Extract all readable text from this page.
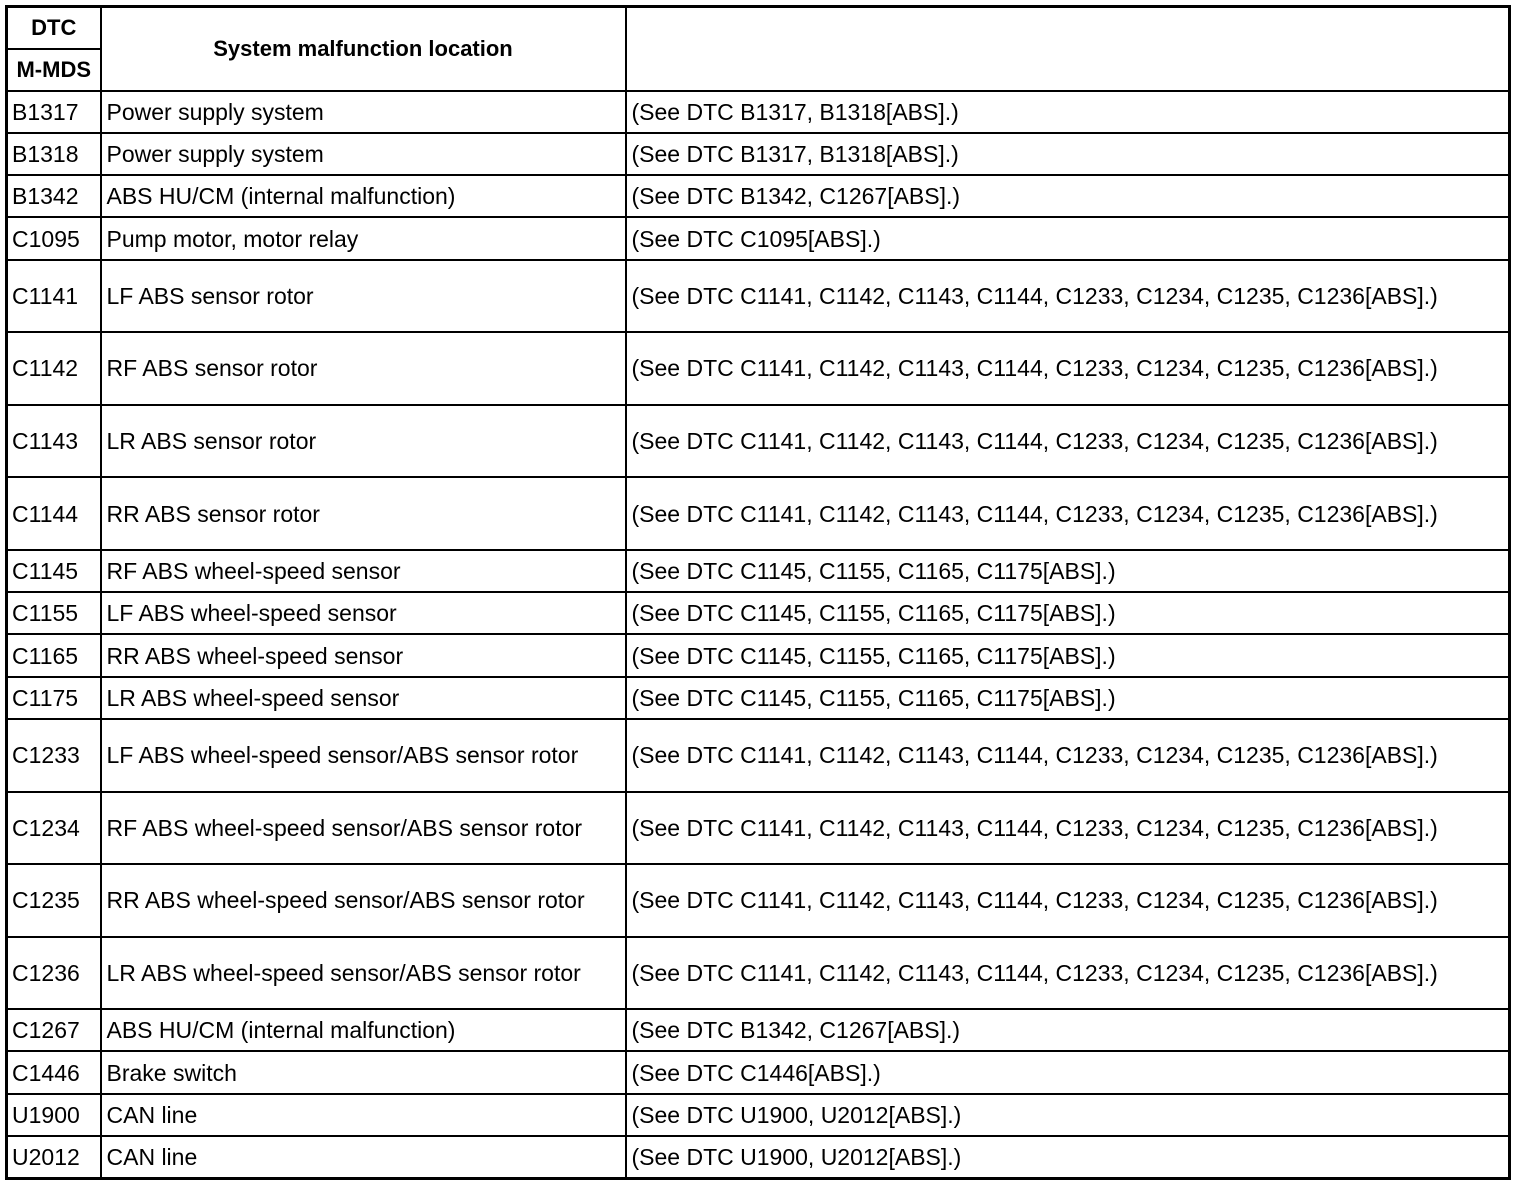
DTC	System malfunction location	
M-MDS		
B1317	Power supply system	(See DTC B1317, B1318[ABS].)
B1318	Power supply system	(See DTC B1317, B1318[ABS].)
B1342	ABS HU/CM (internal malfunction)	(See DTC B1342, C1267[ABS].)
C1095	Pump motor, motor relay	(See DTC C1095[ABS].)
C1141	LF ABS sensor rotor	(See DTC C1141, C1142, C1143, C1144, C1233, C1234, C1235, C1236[ABS].)
C1142	RF ABS sensor rotor	(See DTC C1141, C1142, C1143, C1144, C1233, C1234, C1235, C1236[ABS].)
C1143	LR ABS sensor rotor	(See DTC C1141, C1142, C1143, C1144, C1233, C1234, C1235, C1236[ABS].)
C1144	RR ABS sensor rotor	(See DTC C1141, C1142, C1143, C1144, C1233, C1234, C1235, C1236[ABS].)
C1145	RF ABS wheel-speed sensor	(See DTC C1145, C1155, C1165, C1175[ABS].)
C1155	LF ABS wheel-speed sensor	(See DTC C1145, C1155, C1165, C1175[ABS].)
C1165	RR ABS wheel-speed sensor	(See DTC C1145, C1155, C1165, C1175[ABS].)
C1175	LR ABS wheel-speed sensor	(See DTC C1145, C1155, C1165, C1175[ABS].)
C1233	LF ABS wheel-speed sensor/ABS sensor rotor	(See DTC C1141, C1142, C1143, C1144, C1233, C1234, C1235, C1236[ABS].)
C1234	RF ABS wheel-speed sensor/ABS sensor rotor	(See DTC C1141, C1142, C1143, C1144, C1233, C1234, C1235, C1236[ABS].)
C1235	RR ABS wheel-speed sensor/ABS sensor rotor	(See DTC C1141, C1142, C1143, C1144, C1233, C1234, C1235, C1236[ABS].)
C1236	LR ABS wheel-speed sensor/ABS sensor rotor	(See DTC C1141, C1142, C1143, C1144, C1233, C1234, C1235, C1236[ABS].)
C1267	ABS HU/CM (internal malfunction)	(See DTC B1342, C1267[ABS].)
C1446	Brake switch	(See DTC C1446[ABS].)
U1900	CAN line	(See DTC U1900, U2012[ABS].)
U2012	CAN line	(See DTC U1900, U2012[ABS].)
